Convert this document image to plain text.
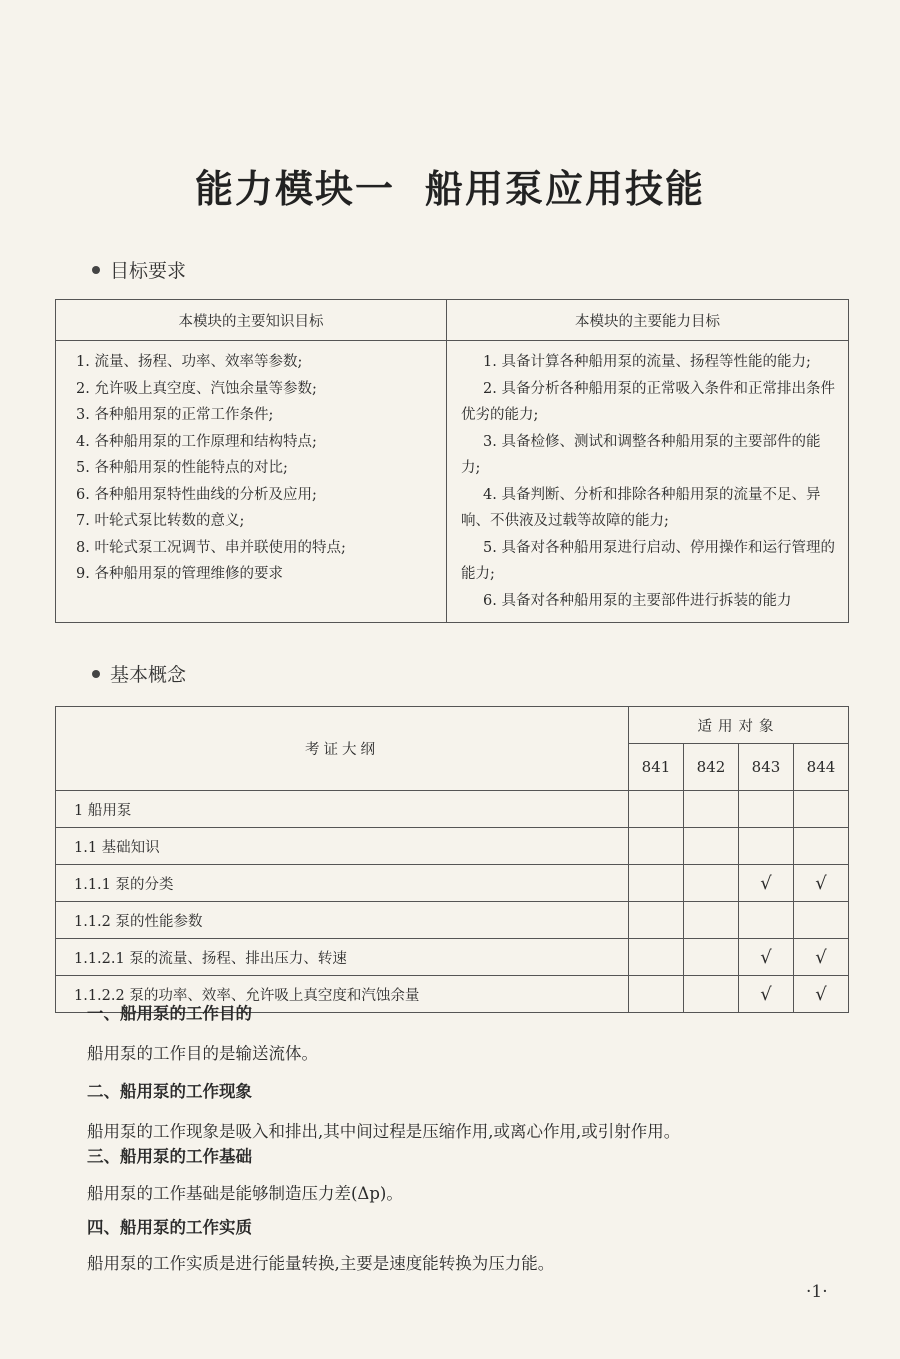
能力模块一 船用泵应用技能
目标要求
本模块的主要知识目标	本模块的主要能力目标

1. 流量、扬程、功率、效率等参数;
2. 允许吸上真空度、汽蚀余量等参数;
3. 各种船用泵的正常工作条件;
4. 各种船用泵的工作原理和结构特点;
5. 各种船用泵的性能特点的对比;
6. 各种船用泵特性曲线的分析及应用;
7. 叶轮式泵比转数的意义;
8. 叶轮式泵工况调节、串并联使用的特点;
9. 各种船用泵的管理维修的要求

1. 具备计算各种船用泵的流量、扬程等性能的能力;
2. 具备分析各种船用泵的正常吸入条件和正常排出条件优劣的能力;
3. 具备检修、测试和调整各种船用泵的主要部件的能力;
4. 具备判断、分析和排除各种船用泵的流量不足、异响、不供液及过载等故障的能力;
5. 具备对各种船用泵进行启动、停用操作和运行管理的能力;
6. 具备对各种船用泵的主要部件进行拆装的能力
基本概念
考证大纲	适用对象			
	841	842	843	844
1 船用泵				
1.1 基础知识				
1.1.1 泵的分类			√	√
1.1.2 泵的性能参数				
1.1.2.1 泵的流量、扬程、排出压力、转速			√	√
1.1.2.2 泵的功率、效率、允许吸上真空度和汽蚀余量			√	√
一、船用泵的工作目的
船用泵的工作目的是输送流体。
二、船用泵的工作现象
船用泵的工作现象是吸入和排出,其中间过程是压缩作用,或离心作用,或引射作用。
三、船用泵的工作基础
船用泵的工作基础是能够制造压力差(Δp)。
四、船用泵的工作实质
船用泵的工作实质是进行能量转换,主要是速度能转换为压力能。
·1·
